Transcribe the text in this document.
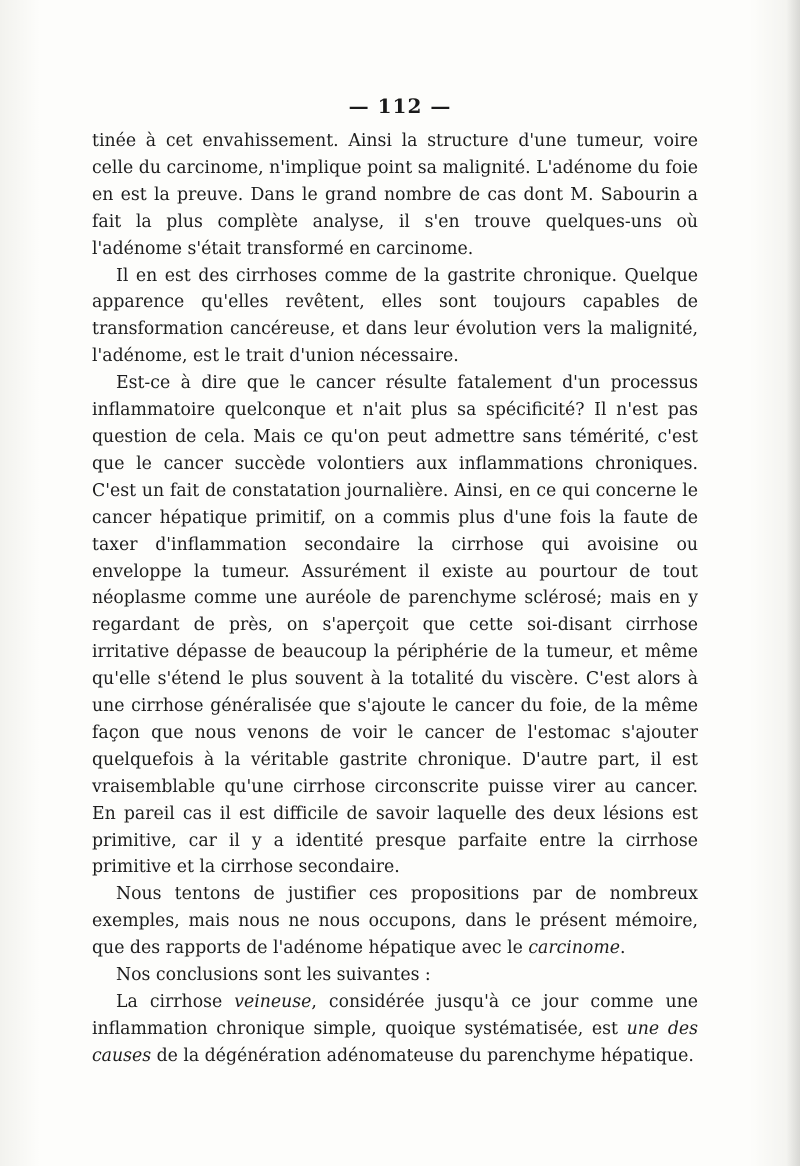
— 112 —

tinée à cet envahissement. Ainsi la structure d'une tumeur, voire celle du carcinome, n'implique point sa malignité. L'adénome du foie en est la preuve. Dans le grand nombre de cas dont M. Sabourin a fait la plus complète analyse, il s'en trouve quelques-uns où l'adénome s'était transformé en carcinome.

Il en est des cirrhoses comme de la gastrite chronique. Quelque apparence qu'elles revêtent, elles sont toujours capables de transformation cancéreuse, et dans leur évolution vers la malignité, l'adénome, est le trait d'union nécessaire.

Est-ce à dire que le cancer résulte fatalement d'un processus inflammatoire quelconque et n'ait plus sa spécificité? Il n'est pas question de cela. Mais ce qu'on peut admettre sans témérité, c'est que le cancer succède volontiers aux inflammations chroniques. C'est un fait de constatation journalière. Ainsi, en ce qui concerne le cancer hépatique primitif, on a commis plus d'une fois la faute de taxer d'inflammation secondaire la cirrhose qui avoisine ou enveloppe la tumeur. Assurément il existe au pourtour de tout néoplasme comme une auréole de parenchyme sclérosé; mais en y regardant de près, on s'aperçoit que cette soi-disant cirrhose irritative dépasse de beaucoup la périphérie de la tumeur, et même qu'elle s'étend le plus souvent à la totalité du viscère. C'est alors à une cirrhose généralisée que s'ajoute le cancer du foie, de la même façon que nous venons de voir le cancer de l'estomac s'ajouter quelquefois à la véritable gastrite chronique. D'autre part, il est vraisemblable qu'une cirrhose circonscrite puisse virer au cancer. En pareil cas il est difficile de savoir laquelle des deux lésions est primitive, car il y a identité presque parfaite entre la cirrhose primitive et la cirrhose secondaire.

Nous tentons de justifier ces propositions par de nombreux exemples, mais nous ne nous occupons, dans le présent mémoire, que des rapports de l'adénome hépatique avec le carcinome.

Nos conclusions sont les suivantes :

La cirrhose veineuse, considérée jusqu'à ce jour comme une inflammation chronique simple, quoique systématisée, est une des causes de la dégénération adénomateuse du parenchyme hépatique.
